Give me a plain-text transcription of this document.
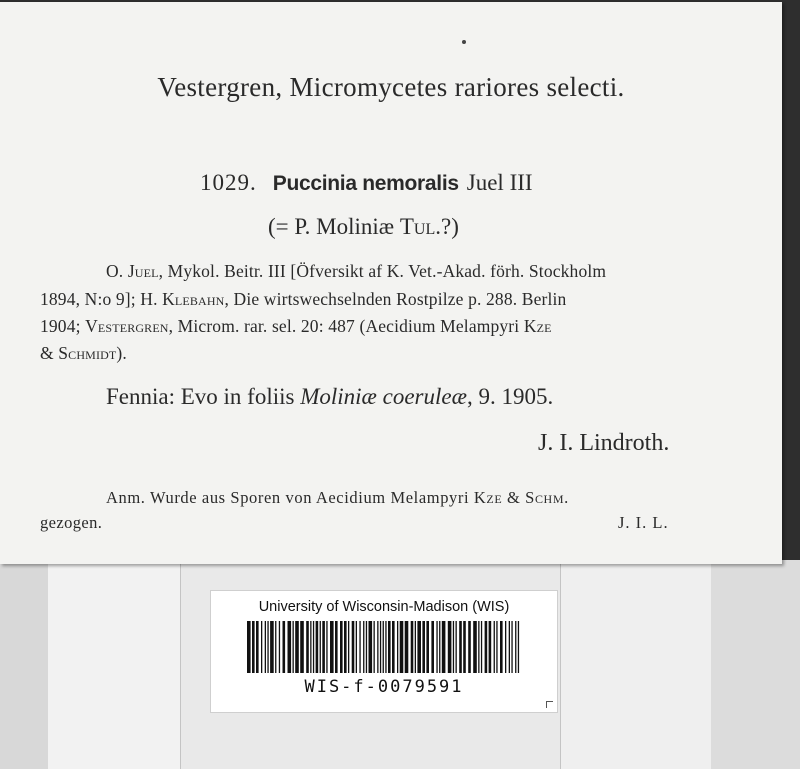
Vestergren, Micromycetes rariores selecti.
1029. Puccinia nemoralis Juel III
(= P. Moliniæ Tul.?)
O. Juel, Mykol. Beitr. III [Öfversikt af K. Vet.-Akad. förh. Stockholm
1894, N:o 9]; H. Klebahn, Die wirtswechselnden Rostpilze p. 288. Berlin
1904; Vestergren, Microm. rar. sel. 20: 487 (Aecidium Melampyri Kze
& Schmidt).
Fennia: Evo in foliis Moliniæ coeruleæ, 9. 1905.
J. I. Lindroth.
Anm. Wurde aus Sporen von Aecidium Melampyri Kze & Schm.
gezogen.	J. I. L.
University of Wisconsin-Madison (WIS)
WIS-f-0079591
